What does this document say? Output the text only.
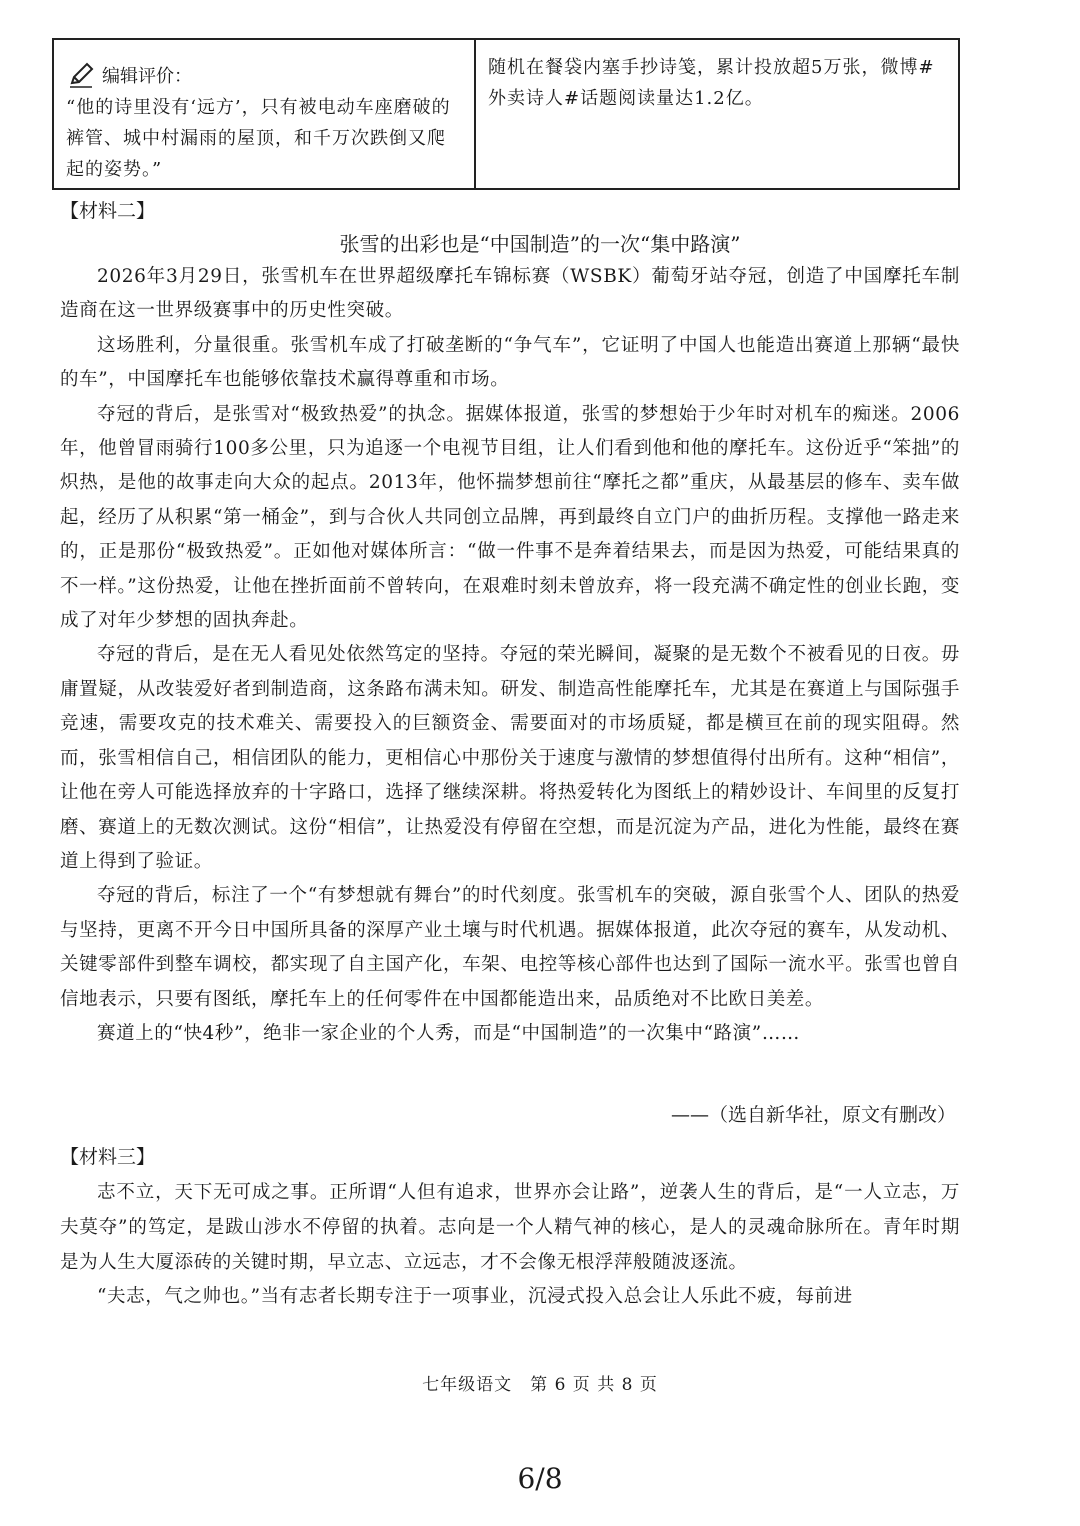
编辑评价：
“他的诗里没有‘远方’，只有被电动车座磨破的裤管、城中村漏雨的屋顶，和千万次跌倒又爬起的姿势。”
随机在餐袋内塞手抄诗笺，累计投放超5万张，微博#外卖诗人#话题阅读量达1.2亿。
【材料二】
张雪的出彩也是“中国制造”的一次“集中路演”

2026年3月29日，张雪机车在世界超级摩托车锦标赛（WSBK）葡萄牙站夺冠，创造了中国摩托车制造商在这一世界级赛事中的历史性突破。

这场胜利，分量很重。张雪机车成了打破垄断的“争气车”，它证明了中国人也能造出赛道上那辆“最快的车”，中国摩托车也能够依靠技术赢得尊重和市场。

夺冠的背后，是张雪对“极致热爱”的执念。据媒体报道，张雪的梦想始于少年时对机车的痴迷。2006年，他曾冒雨骑行100多公里，只为追逐一个电视节目组，让人们看到他和他的摩托车。这份近乎“笨拙”的炽热，是他的故事走向大众的起点。2013年，他怀揣梦想前往“摩托之都”重庆，从最基层的修车、卖车做起，经历了从积累“第一桶金”，到与合伙人共同创立品牌，再到最终自立门户的曲折历程。支撑他一路走来的，正是那份“极致热爱”。正如他对媒体所言：“做一件事不是奔着结果去，而是因为热爱，可能结果真的不一样。”这份热爱，让他在挫折面前不曾转向，在艰难时刻未曾放弃，将一段充满不确定性的创业长跑，变成了对年少梦想的固执奔赴。

夺冠的背后，是在无人看见处依然笃定的坚持。夺冠的荣光瞬间，凝聚的是无数个不被看见的日夜。毋庸置疑，从改装爱好者到制造商，这条路布满未知。研发、制造高性能摩托车，尤其是在赛道上与国际强手竞速，需要攻克的技术难关、需要投入的巨额资金、需要面对的市场质疑，都是横亘在前的现实阻碍。然而，张雪相信自己，相信团队的能力，更相信心中那份关于速度与激情的梦想值得付出所有。这种“相信”，让他在旁人可能选择放弃的十字路口，选择了继续深耕。将热爱转化为图纸上的精妙设计、车间里的反复打磨、赛道上的无数次测试。这份“相信”，让热爱没有停留在空想，而是沉淀为产品，进化为性能，最终在赛道上得到了验证。

夺冠的背后，标注了一个“有梦想就有舞台”的时代刻度。张雪机车的突破，源自张雪个人、团队的热爱与坚持，更离不开今日中国所具备的深厚产业土壤与时代机遇。据媒体报道，此次夺冠的赛车，从发动机、关键零部件到整车调校，都实现了自主国产化，车架、电控等核心部件也达到了国际一流水平。张雪也曾自信地表示，只要有图纸，摩托车上的任何零件在中国都能造出来，品质绝对不比欧日美差。

赛道上的“快4秒”，绝非一家企业的个人秀，而是“中国制造”的一次集中“路演”……

——（选自新华社，原文有删改）
【材料三】

志不立，天下无可成之事。正所谓“人但有追求，世界亦会让路”，逆袭人生的背后，是“一人立志，万夫莫夺”的笃定，是跋山涉水不停留的执着。志向是一个人精气神的核心，是人的灵魂命脉所在。青年时期是为人生大厦添砖的关键时期，早立志、立远志，才不会像无根浮萍般随波逐流。

“夫志，气之帅也。”当有志者长期专注于一项事业，沉浸式投入总会让人乐此不疲，每前进

七年级语文　第 6 页 共 8 页
6/8
